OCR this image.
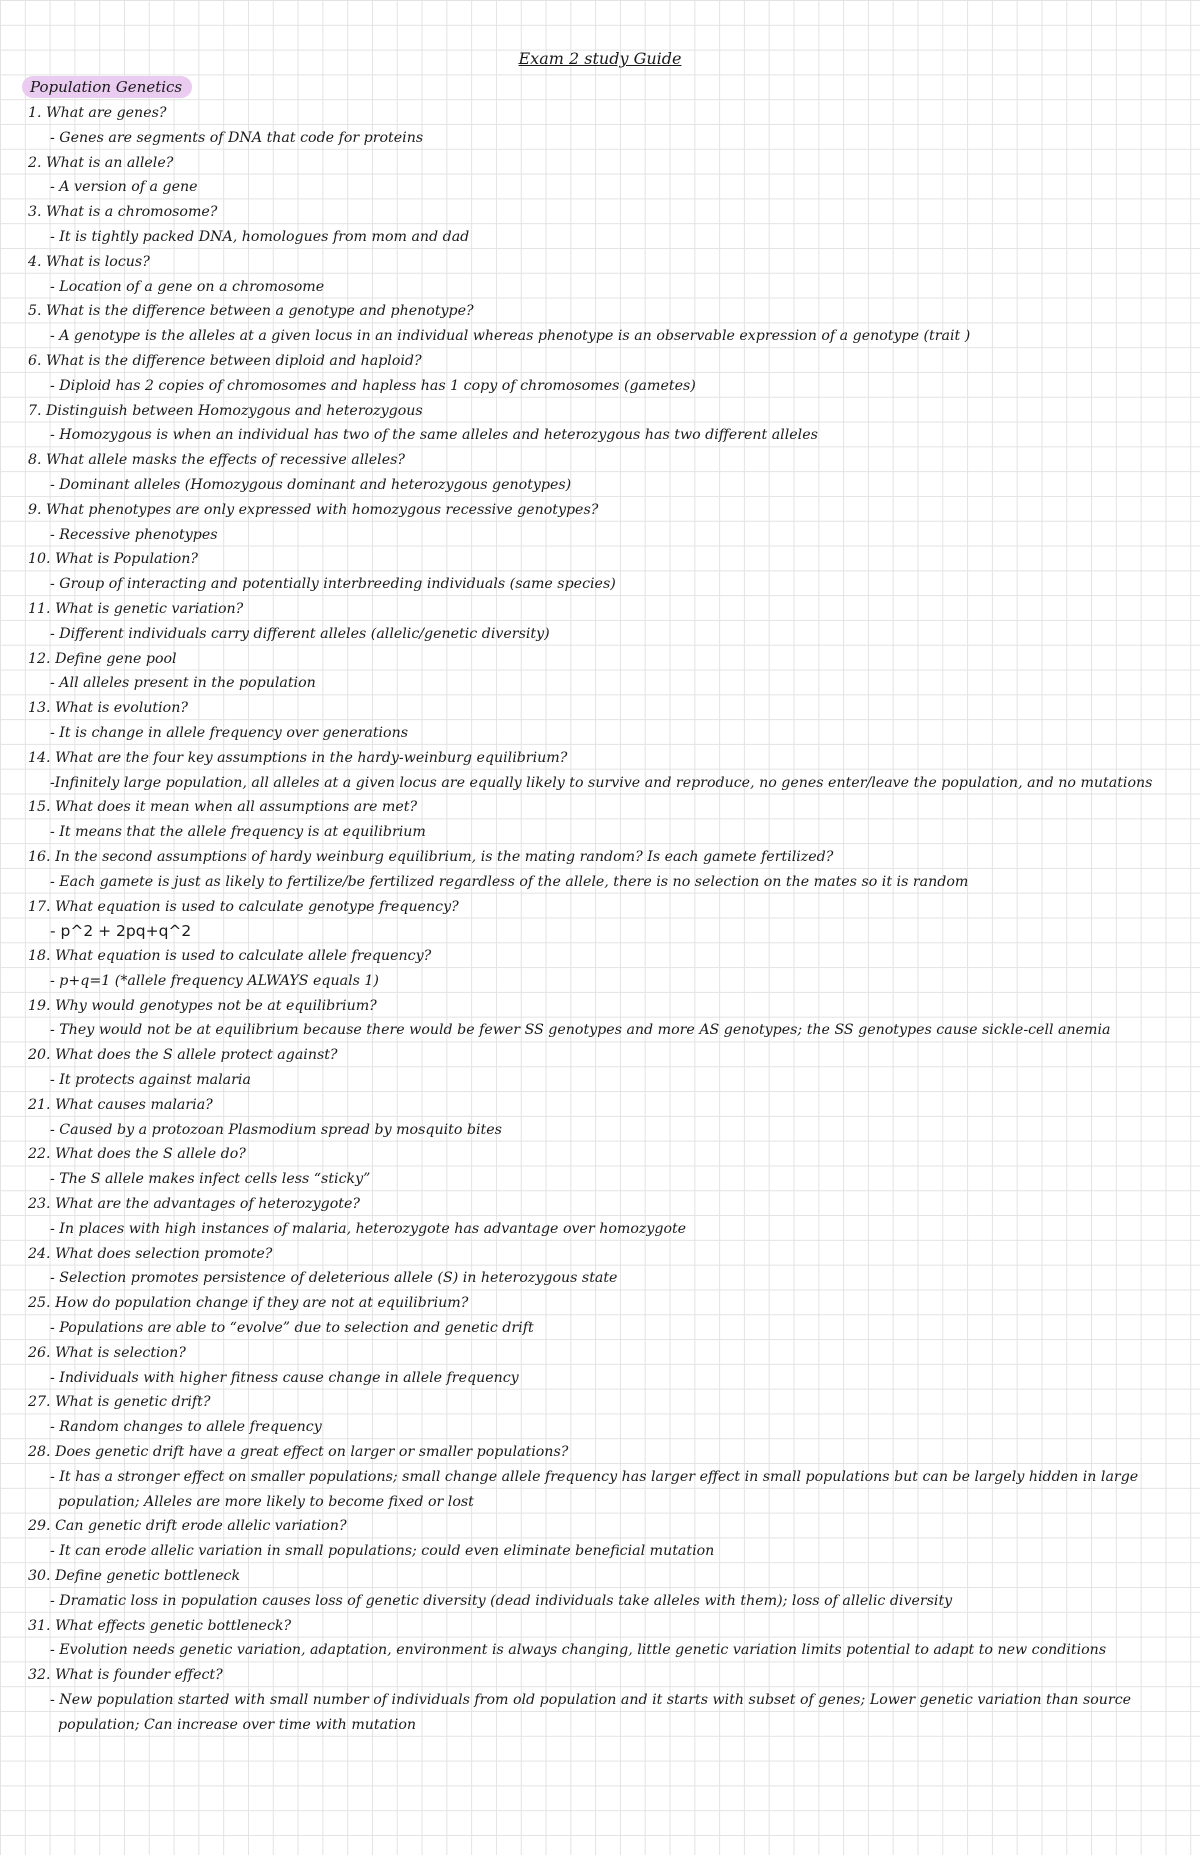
Exam 2 study Guide
Population Genetics
1. What are genes?
- Genes are segments of DNA that code for proteins
2. What is an allele?
- A version of a gene
3. What is a chromosome?
- It is tightly packed DNA, homologues from mom and dad
4. What is locus?
- Location of a gene on a chromosome
5. What is the difference between a genotype and phenotype?
- A genotype is the alleles at a given locus in an individual whereas phenotype is an observable expression of a genotype (trait )
6. What is the difference between diploid and haploid?
- Diploid has 2 copies of chromosomes and hapless has 1 copy of chromosomes (gametes)
7. Distinguish between Homozygous and heterozygous
- Homozygous is when an individual has two of the same alleles and heterozygous has two different alleles
8. What allele masks the effects of recessive alleles?
- Dominant alleles (Homozygous dominant and heterozygous genotypes)
9. What phenotypes are only expressed with homozygous recessive genotypes?
- Recessive phenotypes
10. What is Population?
- Group of interacting and potentially interbreeding individuals (same species)
11. What is genetic variation?
- Different individuals carry different alleles (allelic/genetic diversity)
12. Define gene pool
- All alleles present in the population
13. What is evolution?
- It is change in allele frequency over generations
14. What are the four key assumptions in the hardy-weinburg equilibrium?
-Infinitely large population, all alleles at a given locus are equally likely to survive and reproduce, no genes enter/leave the population, and no mutations
15. What does it mean when all assumptions are met?
- It means that the allele frequency is at equilibrium
16. In the second assumptions of hardy weinburg equilibrium, is the mating random? Is each gamete fertilized?
- Each gamete is just as likely to fertilize/be fertilized regardless of the allele, there is no selection on the mates so it is random
17. What equation is used to calculate genotype frequency?
- p^2 + 2pq+q^2
18. What equation is used to calculate allele frequency?
- p+q=1 (*allele frequency ALWAYS equals 1)
19. Why would genotypes not be at equilibrium?
- They would not be at equilibrium because there would be fewer SS genotypes and more AS genotypes; the SS genotypes cause sickle-cell anemia
20. What does the S allele protect against?
- It protects against malaria
21. What causes malaria?
- Caused by a protozoan Plasmodium spread by mosquito bites
22. What does the S allele do?
- The S allele makes infect cells less “sticky”
23. What are the advantages of heterozygote?
- In places with high instances of malaria, heterozygote has advantage over homozygote
24. What does selection promote?
- Selection promotes persistence of deleterious allele (S) in heterozygous state
25. How do population change if they are not at equilibrium?
- Populations are able to “evolve” due to selection and genetic drift
26. What is selection?
- Individuals with higher fitness cause change in allele frequency
27. What is genetic drift?
- Random changes to allele frequency
28. Does genetic drift have a great effect on larger or smaller populations?
- It has a stronger effect on smaller populations; small change allele frequency has larger effect in small populations but can be largely hidden in large population; Alleles are more likely to become fixed or lost
29. Can genetic drift erode allelic variation?
- It can erode allelic variation in small populations; could even eliminate beneficial mutation
30. Define genetic bottleneck
- Dramatic loss in population causes loss of genetic diversity (dead individuals take alleles with them); loss of allelic diversity
31. What effects genetic bottleneck?
- Evolution needs genetic variation, adaptation, environment is always changing, little genetic variation limits potential to adapt to new conditions
32. What is founder effect?
- New population started with small number of individuals from old population and it starts with subset of genes; Lower genetic variation than source population; Can increase over time with mutation
